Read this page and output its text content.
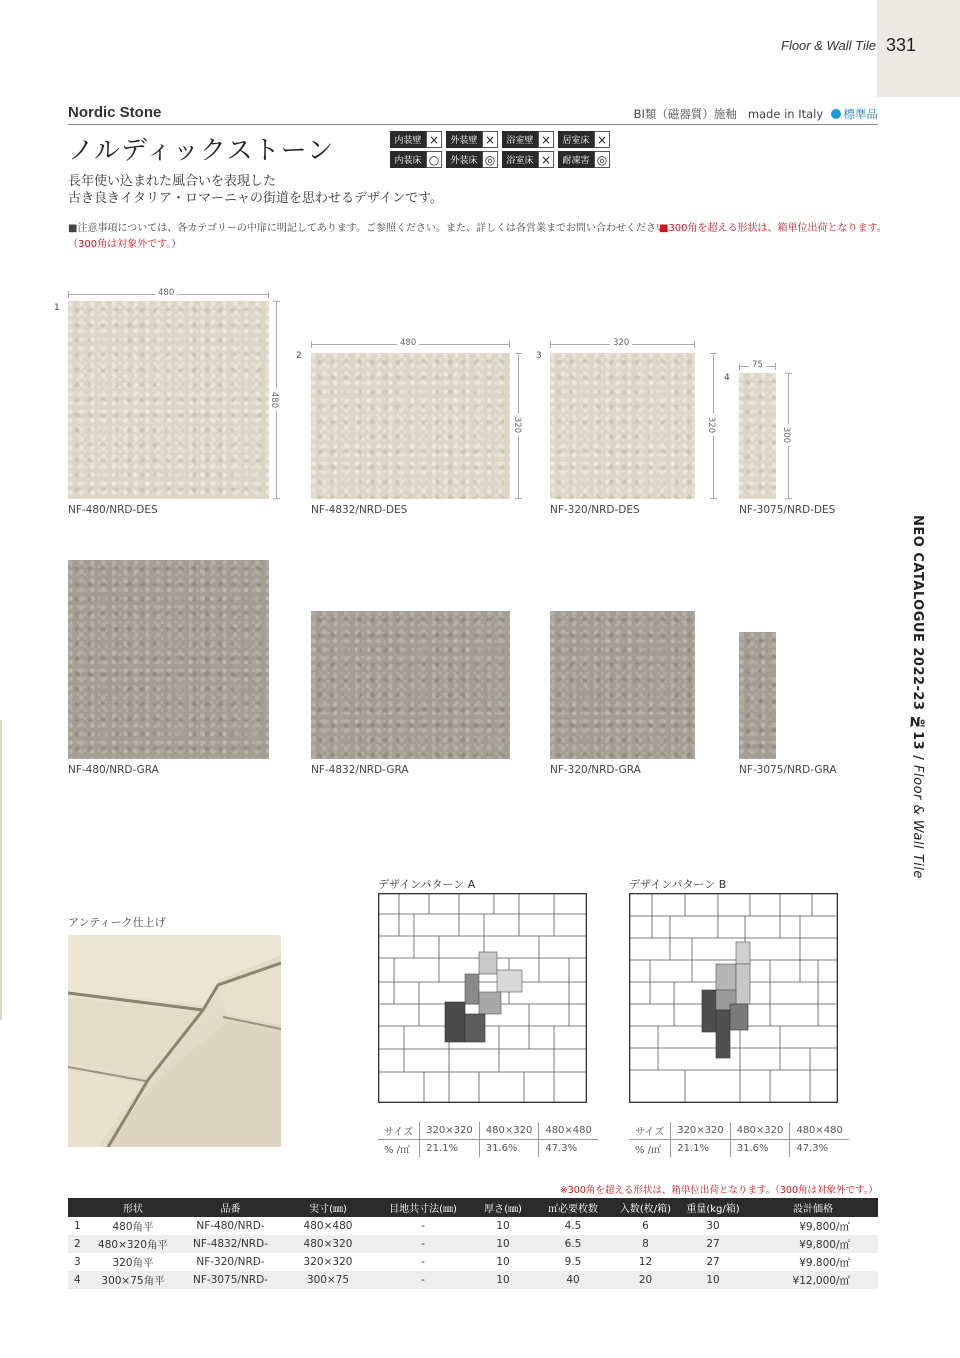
Floor & Wall Tile 331
Nordic Stone	BⅠ類（磁器質）施釉 made in Italy 標準品
ノルディックストーン	内装壁 ×	外装壁 ×	浴室壁 ×	居室床 ×
内装床 ○	外装床 ◎	浴室床 ×	耐凍害 ◎
長年使い込まれた風合いを表現した
古き良きイタリア・ロマーニャの街道を思わせるデザインです。
■注意事項については、各カテゴリーの中扉に明記してあります。ご参照ください。また、詳しくは各営業までお問い合わせください。
■300角を超える形状は、箱単位出荷となります。
（300角は対象外です。）
1
480
480
NF-480/NRD-DES
2
480
320
NF-4832/NRD-DES
3
320
320
NF-320/NRD-DES
4
75
300
NF-3075/NRD-DES
NF-480/NRD-GRA	NF-4832/NRD-GRA	NF-320/NRD-GRA	NF-3075/NRD-GRA
NEO CATALOGUE 2022-23 №13 / Floor & Wall Tile
アンティーク仕上げ
デザインパターン A
サイズ	320×320	480×320	480×480
% /㎡	21.1%	31.6%	47.3%
デザインパターン B
サイズ	320×320	480×320	480×480
% /㎡	21.1%	31.6%	47.3%
※300角を超える形状は、箱単位出荷となります。（300角は対象外です。）
	形状	品番	実寸(㎜)	目地共寸法(㎜)	厚さ(㎜)	㎡必要枚数	入数(枚/箱)	重量(kg/箱)	設計価格
1	480角平	NF-480/NRD-	480×480	-	10	4.5	6	30	¥9,800/㎡
2	480×320角平	NF-4832/NRD-	480×320	-	10	6.5	8	27	¥9,800/㎡
3	320角平	NF-320/NRD-	320×320	-	10	9.5	12	27	¥9.800/㎡
4	300×75角平	NF-3075/NRD-	300×75	-	10	40	20	10	¥12,000/㎡
